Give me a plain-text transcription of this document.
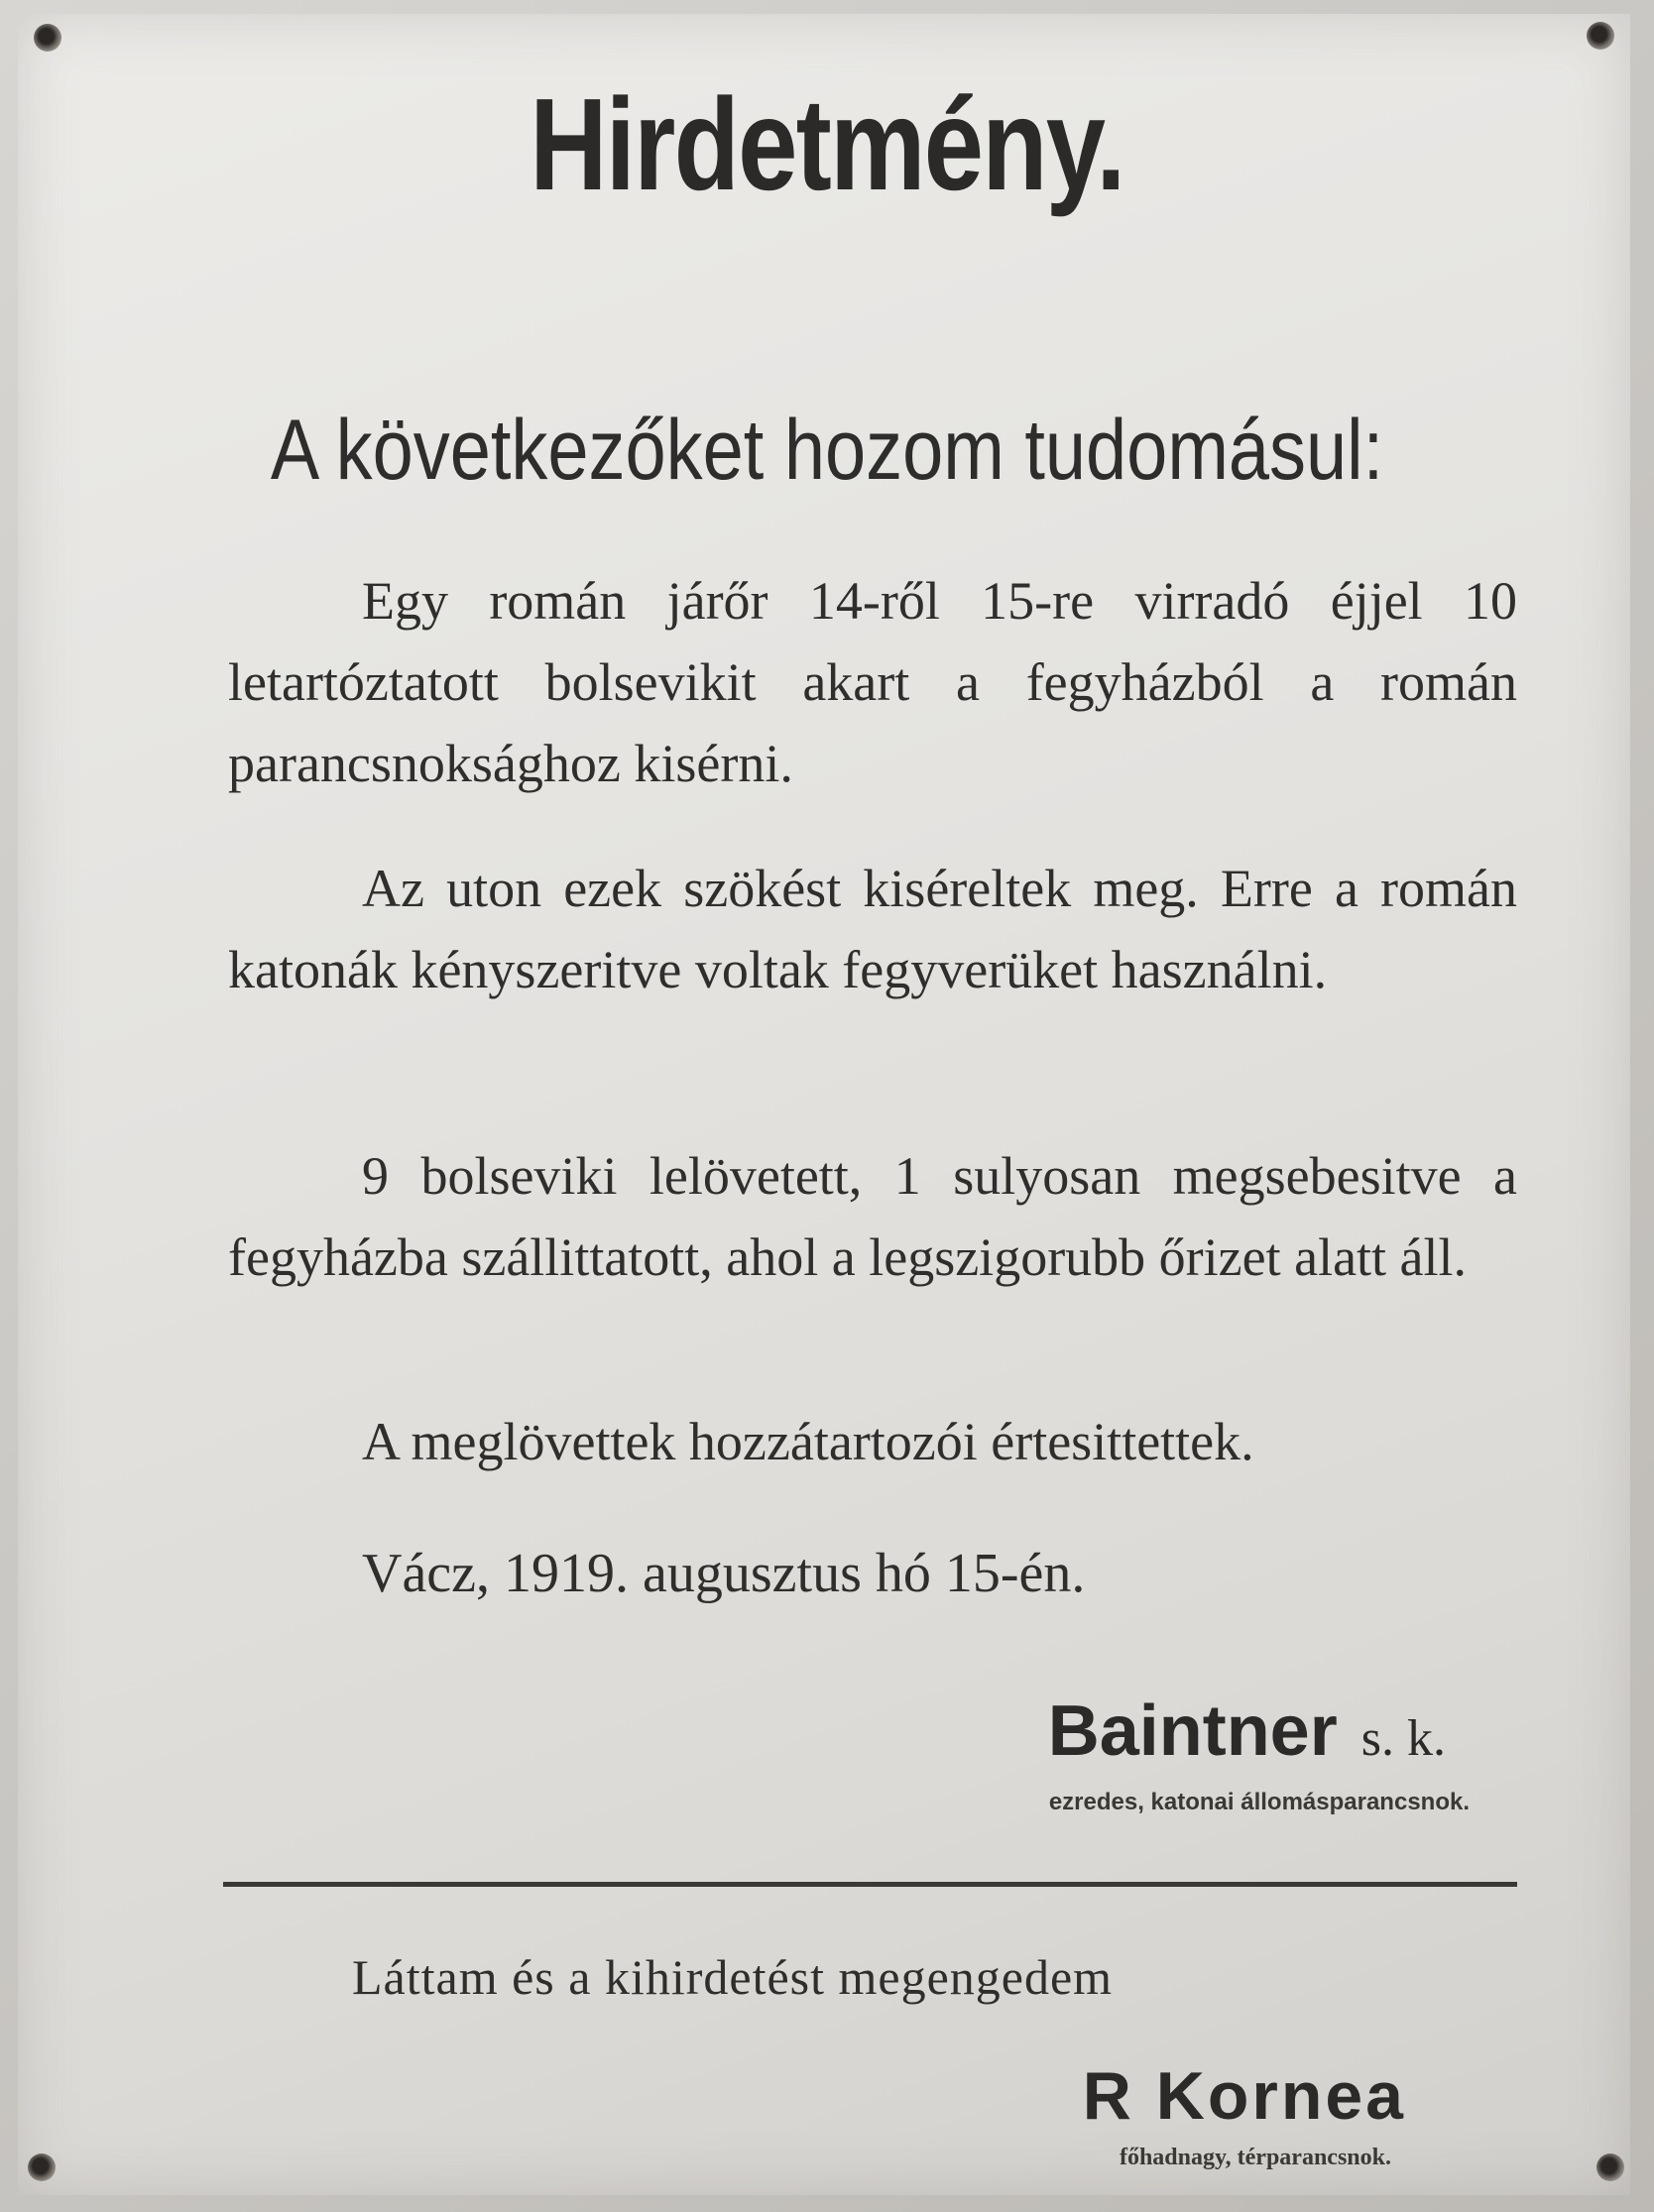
Hirdetmény.
A következőket hozom tudomásul:
Egy román járőr 14-ről 15-re virradó éjjel 10 letartóztatott bolsevikit akart a fegyházból a román parancsnoksághoz kisérni.
Az uton ezek szökést kiséreltek meg. Erre a román katonák kényszeritve voltak fegyverüket használni.
9 bolseviki lelövetett, 1 sulyosan megsebesitve a fegyházba szállittatott, ahol a legszigorubb őrizet alatt áll.
A meglövettek hozzátartozói értesittettek.
Vácz, 1919. augusztus hó 15-én.
Baintner s. k.
ezredes, katonai állomásparancsnok.
Láttam és a kihirdetést megengedem
R Kornea
főhadnagy, térparancsnok.
